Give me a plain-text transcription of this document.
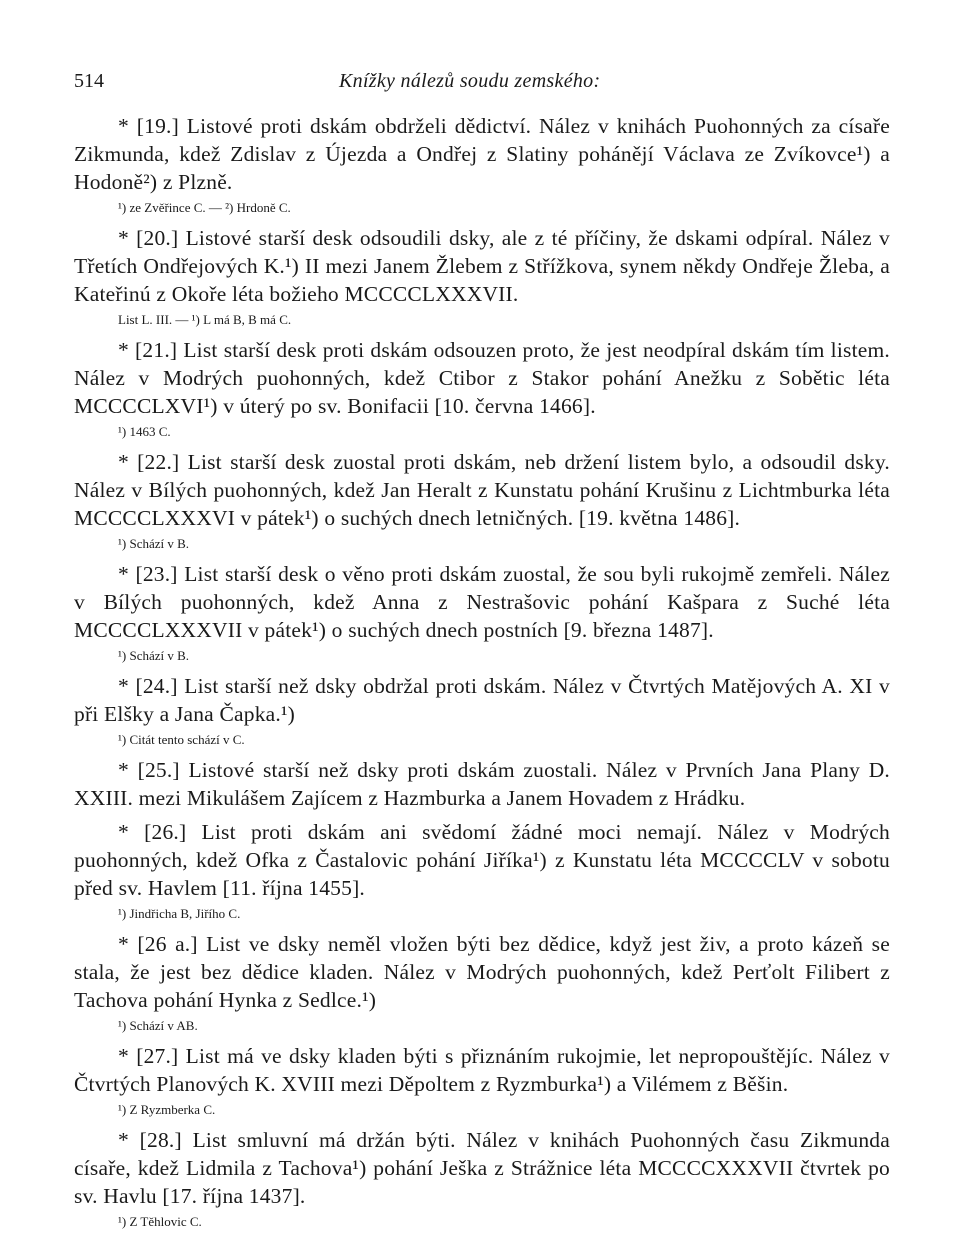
514	Knížky nálezů soudu zemského:

* [19.] Listové proti dskám obdrželi dědictví. Nález v knihách Puohonných za císaře Zikmunda, kdež Zdislav z Újezda a Ondřej z Slatiny pohánějí Václava ze Zvíkovce¹) a Hodoně²) z Plzně.

¹) ze Zvěřince C. — ²) Hrdoně C.

* [20.] Listové starší desk odsoudili dsky, ale z té příčiny, že dskami odpíral. Nález v Třetích Ondřejových K.¹) II mezi Janem Žlebem z Střížkova, synem někdy Ondřeje Žleba, a Kateřinú z Okoře léta božieho MCCCCLXXXVII.

List L. III. — ¹) L má B, B má C.

* [21.] List starší desk proti dskám odsouzen proto, že jest neodpíral dskám tím listem. Nález v Modrých puohonných, kdež Ctibor z Stakor pohání Anežku z Sobětic léta MCCCCLXVI¹) v úterý po sv. Bonifacii [10. června 1466].

¹) 1463 C.

* [22.] List starší desk zuostal proti dskám, neb držení listem bylo, a odsoudil dsky. Nález v Bílých puohonných, kdež Jan Heralt z Kunstatu pohání Krušinu z Lichtmburka léta MCCCCLXXXVI v pátek¹) o suchých dnech letničných. [19. května 1486].

¹) Schází v B.

* [23.] List starší desk o věno proti dskám zuostal, že sou byli rukojmě zemřeli. Nález v Bílých puohonných, kdež Anna z Nestrašovic pohání Kašpara z Suché léta MCCCCLXXXVII v pátek¹) o suchých dnech postních [9. března 1487].

¹) Schází v B.

* [24.] List starší než dsky obdržal proti dskám. Nález v Čtvrtých Matějových A. XI v při Elšky a Jana Čapka.¹)

¹) Citát tento schází v C.

* [25.] Listové starší než dsky proti dskám zuostali. Nález v Prvních Jana Plany D. XXIII. mezi Mikulášem Zajícem z Hazmburka a Janem Hovadem z Hrádku.

* [26.] List proti dskám ani svědomí žádné moci nemají. Nález v Modrých puohonných, kdež Ofka z Častalovic pohání Jiříka¹) z Kunstatu léta MCCCCLV v sobotu před sv. Havlem [11. října 1455].

¹) Jindřicha B, Jiřího C.

* [26 a.] List ve dsky neměl vložen býti bez dědice, když jest živ, a proto kázeň se stala, že jest bez dědice kladen. Nález v Modrých puohonných, kdež Perťolt Filibert z Tachova pohání Hynka z Sedlce.¹)

¹) Schází v AB.

* [27.] List má ve dsky kladen býti s přiznáním rukojmie, let nepropouštějíc. Nález v Čtvrtých Planových K. XVIII mezi Děpoltem z Ryzmburka¹) a Vilémem z Běšin.

¹) Z Ryzmberka C.

* [28.] List smluvní má držán býti. Nález v knihách Puohonných času Zikmunda císaře, kdež Lidmila z Tachova¹) pohání Ješka z Strážnice léta MCCCCXXXVII čtvrtek po sv. Havlu [17. října 1437].

¹) Z Těhlovic C.
